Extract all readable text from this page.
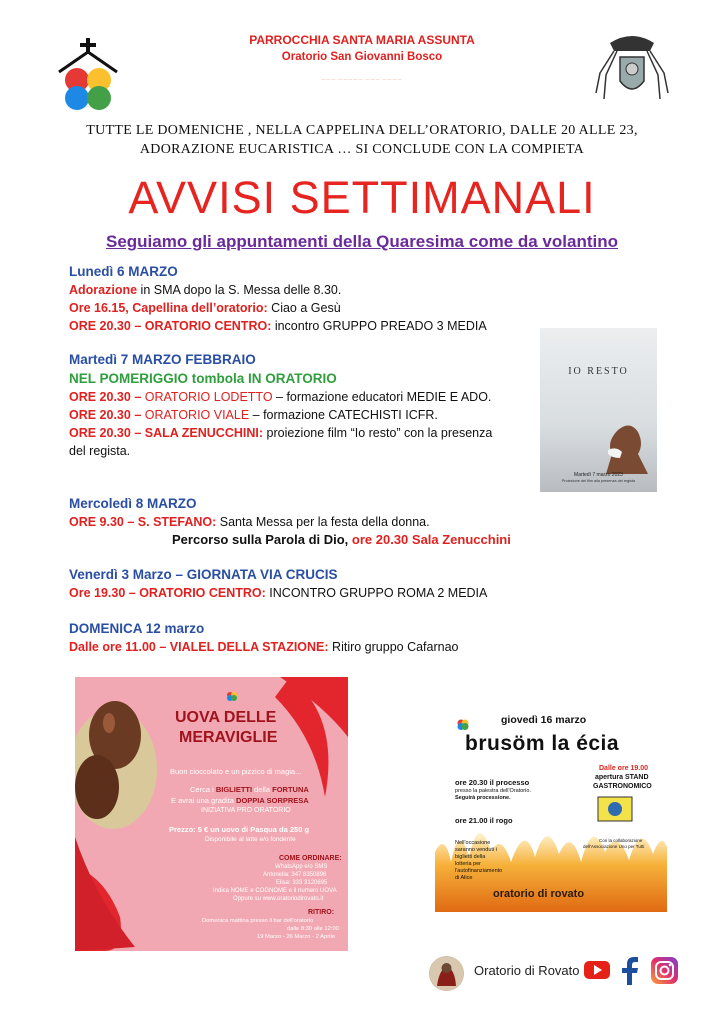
PARROCCHIA SANTA MARIA ASSUNTA
Oratorio San Giovanni Bosco
——— ————— ——— ————
TUTTE LE DOMENICHE , NELLA CAPPELINA DELL’ORATORIO, DALLE 20 ALLE 23,
ADORAZIONE EUCARISTICA … SI CONCLUDE CON LA COMPIETA
AVVISI SETTIMANALI
Seguiamo gli appuntamenti della Quaresima come da volantino
Lunedì 6 MARZO
Adorazione in SMA dopo la S. Messa delle 8.30.
Ore 16.15, Capellina dell’oratorio: Ciao a Gesù
ORE 20.30 – ORATORIO CENTRO: incontro GRUPPO PREADO 3 MEDIA
Martedì 7 MARZO FEBBRAIO
NEL POMERIGGIO tombola IN ORATORIO
ORE 20.30 – ORATORIO LODETTO – formazione educatori MEDIE E ADO.
ORE 20.30 – ORATORIO VIALE – formazione CATECHISTI ICFR.
ORE 20.30 – SALA ZENUCCHINI: proiezione film “Io resto” con la presenza
del regista.
IO RESTO
Martedì 7 marzo 2023
Proiezione del film alla presenza del regista
Mercoledì 8 MARZO
ORE 9.30 – S. STEFANO: Santa Messa per la festa della donna.
Percorso sulla Parola di Dio, ore 20.30 Sala Zenucchini
Venerdì 3 Marzo – GIORNATA VIA CRUCIS
Ore 19.30 – ORATORIO CENTRO: INCONTRO GRUPPO ROMA 2 MEDIA
DOMENICA 12 marzo
Dalle ore 11.00 – VIALEL DELLA STAZIONE: Ritiro gruppo Cafarnao
UOVA DELLE
MERAVIGLIE
Buon cioccolato e un pizzico di magia...
Cerca i BIGLIETTI della FORTUNA
E avrai una gradita DOPPIA SORPRESA
INIZIATIVA PRO ORATORIO
Prezzo: 5 € un uovo di Pasqua da 250 g
Disponibile al latte e/o fondente
COME ORDINARE:
WhatsApp e/o SMS
Antonella: 347 8350896
Elisa: 333 3120695
Indica NOME e COGNOME e il numero UOVA
Oppure su www.oratoriodirovato.it
RITIRO:
Domenica mattina presso il bar dell'oratorio
dalle 8:30 alle 12:00
19 Marzo - 26 Marzo - 2 Aprile
giovedì 16 marzo
brusöm la écia
ore 20.30 il processo
presso la palestra dell'Oratorio.
Seguirà processione.
ore 21.00 il rogo
Dalle ore 19.00
apertura STAND
GASTRONOMICO
Con la collaborazione
dell'Associazione Uno per Tutti
Nell'occasione
saranno venduti i
biglietti della
lotteria per
l'autofinanziamento
di Alice
oratorio di rovato
Oratorio di Rovato
